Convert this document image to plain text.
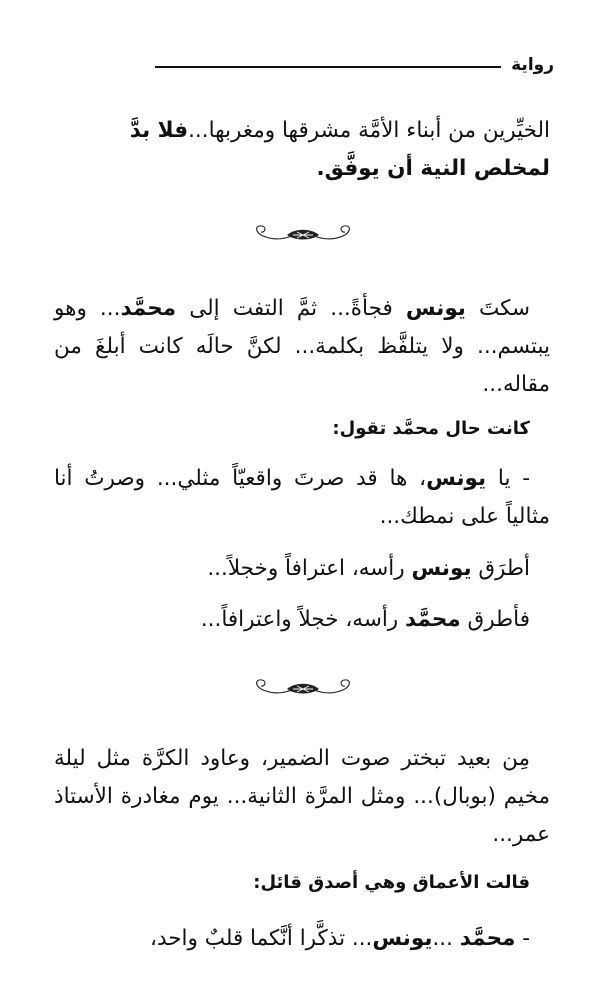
رواية

الخيِّرين من أبناء الأمَّة مشرقها ومغربها...فلا بدَّ
لمخلص النية أن يوفَّق.

سكتَ يونس فجأةً... ثمَّ التفت إلى محمَّد... وهو يبتسم... ولا يتلفَّظ بكلمة... لكنَّ حالَه كانت أبلغَ من مقاله...

كانت حال محمَّد تقول:

- يا يونس، ها قد صرتَ واقعيّاً مثلي... وصرتُ أنا مثالياً على نمطك...

أطرَق يونس رأسه، اعترافاً وخجلاً...

فأطرق محمَّد رأسه، خجلاً واعترافاً...

مِن بعيد تبختر صوت الضمير، وعاود الكرَّة مثل ليلة مخيم (بوبال)... ومثل المرَّة الثانية... يوم مغادرة الأستاذ عمر...

قالت الأعماق وهي أصدق قائل:

- محمَّد ...يونس... تذكَّرا أنَّكما قلبٌ واحد،
